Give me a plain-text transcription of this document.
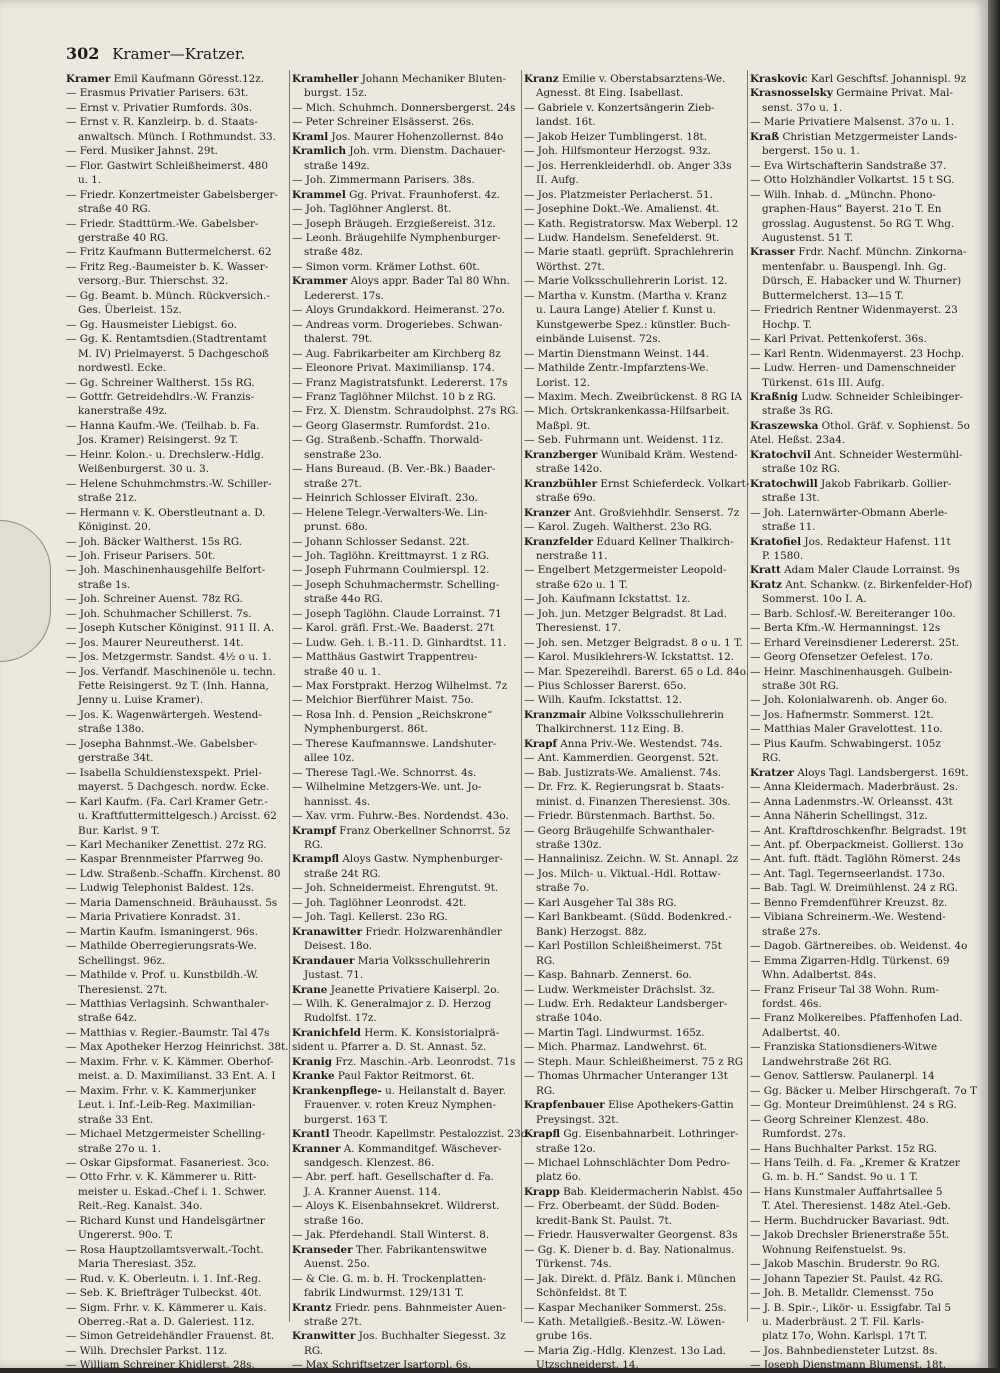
302 Kramer—Kratzer.
Kramer Emil Kaufmann Göresst.12z.
— Erasmus Privatier Parisers. 63t.
— Ernst v. Privatier Rumfords. 30s.
— Ernst v. R. Kanzleirp. b. d. Staats-
anwaltsch. Münch. I Rothmundst. 33.
— Ferd. Musiker Jahnst. 29t.
— Flor. Gastwirt Schleißheimerst. 480
u. 1.
— Friedr. Konzertmeister Gabelsberger-
straße 40 RG.
— Friedr. Stadttürm.-We. Gabelsber-
gerstraße 40 RG.
— Fritz Kaufmann Buttermelcherst. 62
— Fritz Reg.-Baumeister b. K. Wasser-
versorg.-Bur. Thierschst. 32.
— Gg. Beamt. b. Münch. Rückversich.-
Ges. Überleist. 15z.
— Gg. Hausmeister Liebigst. 6o.
— Gg. K. Rentamtsdien.(Stadtrentamt
M. IV) Prielmayerst. 5 Dachgeschoß
nordwestl. Ecke.
— Gg. Schreiner Waltherst. 15s RG.
— Gottfr. Getreidehdlrs.-W. Franzis-
kanerstraße 49z.
— Hanna Kaufm.-We. (Teilhab. b. Fa.
Jos. Kramer) Reisingerst. 9z T.
— Heinr. Kolon.- u. Drechslerw.-Hdlg.
Weißenburgerst. 30 u. 3.
— Helene Schuhmchmstrs.-W. Schiller-
straße 21z.
— Hermann v. K. Oberstleutnant a. D.
Königinst. 20.
— Joh. Bäcker Waltherst. 15s RG.
— Joh. Friseur Parisers. 50t.
— Joh. Maschinenhausgehilfe Belfort-
straße 1s.
— Joh. Schreiner Auenst. 78z RG.
— Joh. Schuhmacher Schillerst. 7s.
— Joseph Kutscher Königinst. 911 II. A.
— Jos. Maurer Neureutherst. 14t.
— Jos. Metzgermstr. Sandst. 4½ o u. 1.
— Jos. Verfandf. Maschinenöle u. techn.
Fette Reisingerst. 9z T. (Inh. Hanna,
Jenny u. Luise Kramer).
— Jos. K. Wagenwärtergeh. Westend-
straße 138o.
— Josepha Bahnmst.-We. Gabelsber-
gerstraße 34t.
— Isabella Schuldienstexspekt. Priel-
mayerst. 5 Dachgesch. nordw. Ecke.
— Karl Kaufm. (Fa. Carl Kramer Getr.-
u. Kraftfuttermittelgesch.) Arcisst. 62
Bur. Karlst. 9 T.
— Karl Mechaniker Zenettist. 27z RG.
— Kaspar Brennmeister Pfarrweg 9o.
— Ldw. Straßenb.-Schaffn. Kirchenst. 80
— Ludwig Telephonist Baldest. 12s.
— Maria Damenschneid. Bräuhausst. 5s
— Maria Privatiere Konradst. 31.
— Martin Kaufm. Ismaningerst. 96s.
— Mathilde Oberregierungsrats-We.
Schellingst. 96z.
— Mathilde v. Prof. u. Kunstbildh.-W.
Theresienst. 27t.
— Matthias Verlagsinh. Schwanthaler-
straße 64z.
— Matthias v. Regier.-Baumstr. Tal 47s
— Max Apotheker Herzog Heinrichst. 38t.
— Maxim. Frhr. v. K. Kämmer. Oberhof-
meist. a. D. Maximilianst. 33 Ent. A. I
— Maxim. Frhr. v. K. Kammerjunker
Leut. i. Inf.-Leib-Reg. Maximilian-
straße 33 Ent.
— Michael Metzgermeister Schelling-
straße 27o u. 1.
— Oskar Gipsformat. Fasaneriest. 3co.
— Otto Frhr. v. K. Kämmerer u. Ritt-
meister u. Eskad.-Chef i. 1. Schwer.
Reit.-Reg. Kanalst. 34o.
— Richard Kunst und Handelsgärtner
Ungererst. 90o. T.
— Rosa Hauptzollamtsverwalt.-Tocht.
Maria Theresiast. 35z.
— Rud. v. K. Oberleutn. i. 1. Inf.-Reg.
— Seb. K. Briefträger Tulbeckst. 40t.
— Sigm. Frhr. v. K. Kämmerer u. Kais.
Oberreg.-Rat a. D. Galeriest. 11z.
— Simon Getreidehändler Frauenst. 8t.
— Wilh. Drechsler Parkst. 11z.
— William Schreiner Khidlerst. 28s.
Kramheller Johann Mechaniker Bluten-
burgst. 15z.
— Mich. Schuhmch. Donnersbergerst. 24s
— Peter Schreiner Elsässerst. 26s.
Kraml Jos. Maurer Hohenzollernst. 84o
Kramlich Joh. vrm. Dienstm. Dachauer-
straße 149z.
— Joh. Zimmermann Parisers. 38s.
Krammel Gg. Privat. Fraunhoferst. 4z.
— Joh. Taglöhner Anglerst. 8t.
— Joseph Bräugeh. Erzgießereist. 31z.
— Leonh. Bräugehilfe Nymphenburger-
straße 48z.
— Simon vorm. Krämer Lothst. 60t.
Krammer Aloys appr. Bader Tal 80 Whn.
Ledererst. 17s.
— Aloys Grundakkord. Heimeranst. 27o.
— Andreas vorm. Drogeriebes. Schwan-
thalerst. 79t.
— Aug. Fabrikarbeiter am Kirchberg 8z
— Eleonore Privat. Maximiliansp. 174.
— Franz Magistratsfunkt. Ledererst. 17s
— Franz Taglöhner Milchst. 10 b z RG.
— Frz. X. Dienstm. Schraudolphst. 27s RG.
— Georg Glasermstr. Rumfordst. 21o.
— Gg. Straßenb.-Schaffn. Thorwald-
senstraße 23o.
— Hans Bureaud. (B. Ver.-Bk.) Baader-
straße 27t.
— Heinrich Schlosser Elviraſt. 23o.
— Helene Telegr.-Verwalters-We. Lin-
prunst. 68o.
— Johann Schlosser Sedanst. 22t.
— Joh. Taglöhn. Kreittmayrst. 1 z RG.
— Joseph Fuhrmann Coulmierspl. 12.
— Joseph Schuhmachermstr. Schelling-
straße 44o RG.
— Joseph Taglöhn. Claude Lorrainst. 71
— Karol. gräfl. Frst.-We. Baaderst. 27t
— Ludw. Geh. i. B.-11. D. Ginhardtst. 11.
— Matthäus Gastwirt Trappentreu-
straße 40 u. 1.
— Max Forstprakt. Herzog Wilhelmst. 7z
— Melchior Bierführer Maist. 75o.
— Rosa Inh. d. Pension „Reichskrone“
Nymphenburgerst. 86t.
— Therese Kaufmannswe. Landshuter-
allee 10z.
— Therese Tagl.-We. Schnorrst. 4s.
— Wilhelmine Metzgers-We. unt. Jo-
hannisst. 4s.
— Xav. vrm. Fuhrw.-Bes. Nordendst. 43o.
Krampf Franz Oberkellner Schnorrst. 5z
RG.
Krampfl Aloys Gastw. Nymphenburger-
straße 24t RG.
— Joh. Schneidermeist. Ehrengutst. 9t.
— Joh. Taglöhner Leonrodst. 42t.
— Joh. Tagl. Kellerst. 23o RG.
Kranawitter Friedr. Holzwarenhändler
Deisest. 18o.
Krandauer Maria Volksschullehrerin
Justast. 71.
Krane Jeanette Privatiere Kaiserpl. 2o.
— Wilh. K. Generalmajor z. D. Herzog
Rudolfst. 17z.
Kranichfeld Herm. K. Konsistorialprä-
sident u. Pfarrer a. D. St. Annast. 5z.
Kranig Frz. Maschin.-Arb. Leonrodst. 71s
Kranke Paul Faktor Reitmorst. 6t.
Krankenpflege- u. Heilanstalt d. Bayer.
Frauenver. v. roten Kreuz Nymphen-
burgerst. 163 T.
Krantl Theodr. Kapellmstr. Pestalozzist. 23o
Kranner A. Kommanditgef. Wäschever-
sandgesch. Klenzest. 86.
— Abr. perf. haft. Gesellschafter d. Fa.
J. A. Kranner Auenst. 114.
— Aloys K. Eisenbahnsekret. Wildrerst.
straße 16o.
— Jak. Pferdehandl. Stall Winterst. 8.
Kranseder Ther. Fabrikantenswitwe
Auenst. 25o.
— & Cie. G. m. b. H. Trockenplatten-
fabrik Lindwurmst. 129/131 T.
Krantz Friedr. pens. Bahnmeister Auen-
straße 27t.
Kranwitter Jos. Buchhalter Siegesst. 3z
RG.
— Max Schriftsetzer Isartorpl. 6s.
Kranz Emilie v. Oberstabsarztens-We.
Agnesst. 8t Eing. Isabellast.
— Gabriele v. Konzertsängerin Zieb-
landst. 16t.
— Jakob Heizer Tumblingerst. 18t.
— Joh. Hilfsmonteur Herzogst. 93z.
— Jos. Herrenkleiderhdl. ob. Anger 33s
II. Aufg.
— Jos. Platzmeister Perlacherst. 51.
— Josephine Dokt.-We. Amalienst. 4t.
— Kath. Registratorsw. Max Weberpl. 12
— Ludw. Handelsm. Senefelderst. 9t.
— Marie staatl. geprüft. Sprachlehrerin
Wörthst. 27t.
— Marie Volksschullehrerin Lorist. 12.
— Martha v. Kunstm. (Martha v. Kranz
u. Laura Lange) Atelier f. Kunst u.
Kunstgewerbe Spez.: künstler. Buch-
einbände Luisenst. 72s.
— Martin Dienstmann Weinst. 144.
— Mathilde Zentr.-Impfarztens-We.
Lorist. 12.
— Maxim. Mech. Zweibrückenst. 8 RG IA
— Mich. Ortskrankenkassa-Hilfsarbeit.
Maßpl. 9t.
— Seb. Fuhrmann unt. Weidenst. 11z.
Kranzberger Wunibald Kräm. Westend-
straße 142o.
Kranzbühler Ernst Schieferdeck. Volkart-
straße 69o.
Kranzer Ant. Großviehhdlr. Senserst. 7z
— Karol. Zugeh. Waltherst. 23o RG.
Kranzfelder Eduard Kellner Thalkirch-
nerstraße 11.
— Engelbert Metzgermeister Leopold-
straße 62o u. 1 T.
— Joh. Kaufmann Ickstattst. 1z.
— Joh. jun. Metzger Belgradst. 8t Lad.
Theresienst. 17.
— Joh. sen. Metzger Belgradst. 8 o u. 1 T.
— Karol. Musiklehrers-W. Ickstattst. 12.
— Mar. Spezereihdl. Barerst. 65 o Ld. 84o.
— Pius Schlosser Barerst. 65o.
— Wilh. Kaufm. Ickstattst. 12.
Kranzmair Albine Volksschullehrerin
Thalkirchnerst. 11z Eing. B.
Krapf Anna Priv.-We. Westendst. 74s.
— Ant. Kammerdien. Georgenst. 52t.
— Bab. Justizrats-We. Amalienst. 74s.
— Dr. Frz. K. Regierungsrat b. Staats-
minist. d. Finanzen Theresienst. 30s.
— Friedr. Bürstenmach. Barthst. 5o.
— Georg Bräugehilfe Schwanthaler-
straße 130z.
— Hannalinisz. Zeichn. W. St. Annapl. 2z
— Jos. Milch- u. Viktual.-Hdl. Rottaw-
straße 7o.
— Karl Ausgeher Tal 38s RG.
— Karl Bankbeamt. (Südd. Bodenkred.-
Bank) Herzogst. 88z.
— Karl Postillon Schleißheimerst. 75t
RG.
— Kasp. Bahnarb. Zennerst. 6o.
— Ludw. Werkmeister Drächslst. 3z.
— Ludw. Erh. Redakteur Landsberger-
straße 104o.
— Martin Tagl. Lindwurmst. 165z.
— Mich. Pharmaz. Landwehrst. 6t.
— Steph. Maur. Schleißheimerst. 75 z RG
— Thomas Uhrmacher Unteranger 13t
RG.
Krapfenbauer Elise Apothekers-Gattin
Preysingst. 32t.
Krapfl Gg. Eisenbahnarbeit. Lothringer-
straße 12o.
— Michael Lohnschlächter Dom Pedro-
platz 6o.
Krapp Bab. Kleidermacherin Nablst. 45o
— Frz. Oberbeamt. der Südd. Boden-
kredit-Bank St. Paulst. 7t.
— Friedr. Hausverwalter Georgenst. 83s
— Gg. K. Diener b. d. Bay. Nationalmus.
Türkenst. 74s.
— Jak. Direkt. d. Pfälz. Bank i. München
Schönfeldst. 8t T.
— Kaspar Mechaniker Sommerst. 25s.
— Kath. Metallgieß.-Besitz.-W. Löwen-
grube 16s.
— Maria Zig.-Hdlg. Klenzest. 13o Lad.
Utzschneiderst. 14.
Kraskovic Karl Geschftsf. Johannispl. 9z
Krasnosselsky Germaine Privat. Mal-
senst. 37o u. 1.
— Marie Privatiere Malsenst. 37o u. 1.
Kraß Christian Metzgermeister Lands-
bergerst. 15o u. 1.
— Eva Wirtschafterin Sandstraße 37.
— Otto Holzhändler Volkartst. 15 t SG.
— Wilh. Inhab. d. „Münchn. Phono-
graphen-Haus“ Bayerst. 21o T. En
grosslag. Augustenst. 5o RG T. Whg.
Augustenst. 51 T.
Krasser Frdr. Nachf. Münchn. Zinkorna-
mentenfabr. u. Bauspengl. Inh. Gg.
Dürsch, E. Habacker und W. Thurner)
Buttermelcherst. 13—15 T.
— Friedrich Rentner Widenmayerst. 23
Hochp. T.
— Karl Privat. Pettenkoferst. 36s.
— Karl Rentn. Widenmayerst. 23 Hochp.
— Ludw. Herren- und Damenschneider
Türkenst. 61s III. Aufg.
Kraßnig Ludw. Schneider Schleibinger-
straße 3s RG.
Kraszewska Othol. Gräf. v. Sophienst. 5o
Atel. Heßst. 23a4.
Kratochvil Ant. Schneider Westermühl-
straße 10z RG.
Kratochwill Jakob Fabrikarb. Gollier-
straße 13t.
— Joh. Laternwärter-Obmann Aberle-
straße 11.
Kratofiel Jos. Redakteur Hafenst. 11t
P. 1580.
Kratt Adam Maler Claude Lorrainst. 9s
Kratz Ant. Schankw. (z. Birkenfelder-Hof)
Sommerst. 10o I. A.
— Barb. Schlosf.-W. Bereiteranger 10o.
— Berta Kfm.-W. Hermanningst. 12s
— Erhard Vereinsdiener Ledererst. 25t.
— Georg Ofensetzer Oefelest. 17o.
— Heinr. Maschinenhausgeh. Gulbein-
straße 30t RG.
— Joh. Kolonialwarenh. ob. Anger 6o.
— Jos. Hafnermstr. Sommerst. 12t.
— Matthias Maler Gravelottest. 11o.
— Pius Kaufm. Schwabingerst. 105z
RG.
Kratzer Aloys Tagl. Landsbergerst. 169t.
— Anna Kleidermach. Maderbräust. 2s.
— Anna Ladenmstrs.-W. Orleansst. 43t
— Anna Näherin Schellingst. 31z.
— Ant. Kraftdroschkenfhr. Belgradst. 19t
— Ant. pf. Oberpackmeist. Gollierst. 13o
— Ant. fuft. ftädt. Taglöhn Römerst. 24s
— Ant. Tagl. Tegernseerlandst. 173o.
— Bab. Tagl. W. Dreimühlenst. 24 z RG.
— Benno Fremdenführer Kreuzst. 8z.
— Vibiana Schreinerm.-We. Westend-
straße 27s.
— Dagob. Gärtnereibes. ob. Weidenst. 4o
— Emma Zigarren-Hdlg. Türkenst. 69
Whn. Adalbertst. 84s.
— Franz Friseur Tal 38 Wohn. Rum-
fordst. 46s.
— Franz Molkereibes. Pfaffenhofen Lad.
Adalbertst. 40.
— Franziska Stationsdieners-Witwe
Landwehrstraße 26t RG.
— Genov. Sattlersw. Paulanerpl. 14
— Gg. Bäcker u. Melber Hirschgeraſt. 7o T
— Gg. Monteur Dreimühlenst. 24 s RG.
— Georg Schreiner Klenzest. 48o.
Rumfordst. 27s.
— Hans Buchhalter Parkst. 15z RG.
— Hans Teilh. d. Fa. „Kremer & Kratzer
G. m. b. H.“ Sandst. 9o u. 1 T.
— Hans Kunstmaler Auffahrtsallee 5
T. Atel. Theresienst. 148z Atel.-Geb.
— Herm. Buchdrucker Bavariast. 9dt.
— Jakob Drechsler Brienerstraße 55t.
Wohnung Reifenstuelst. 9s.
— Jakob Maschin. Bruderstr. 9o RG.
— Johann Tapezier St. Paulst. 4z RG.
— Joh. B. Metalldr. Clemensst. 75o
— J. B. Spir.-, Likör- u. Essigfabr. Tal 5
u. Maderbräust. 2 T. Fil. Karls-
platz 17o, Wohn. Karlspl. 17t T.
— Jos. Bahnbediensteter Lutzst. 8s.
— Joseph Dienstmann Blumenst. 18t.
